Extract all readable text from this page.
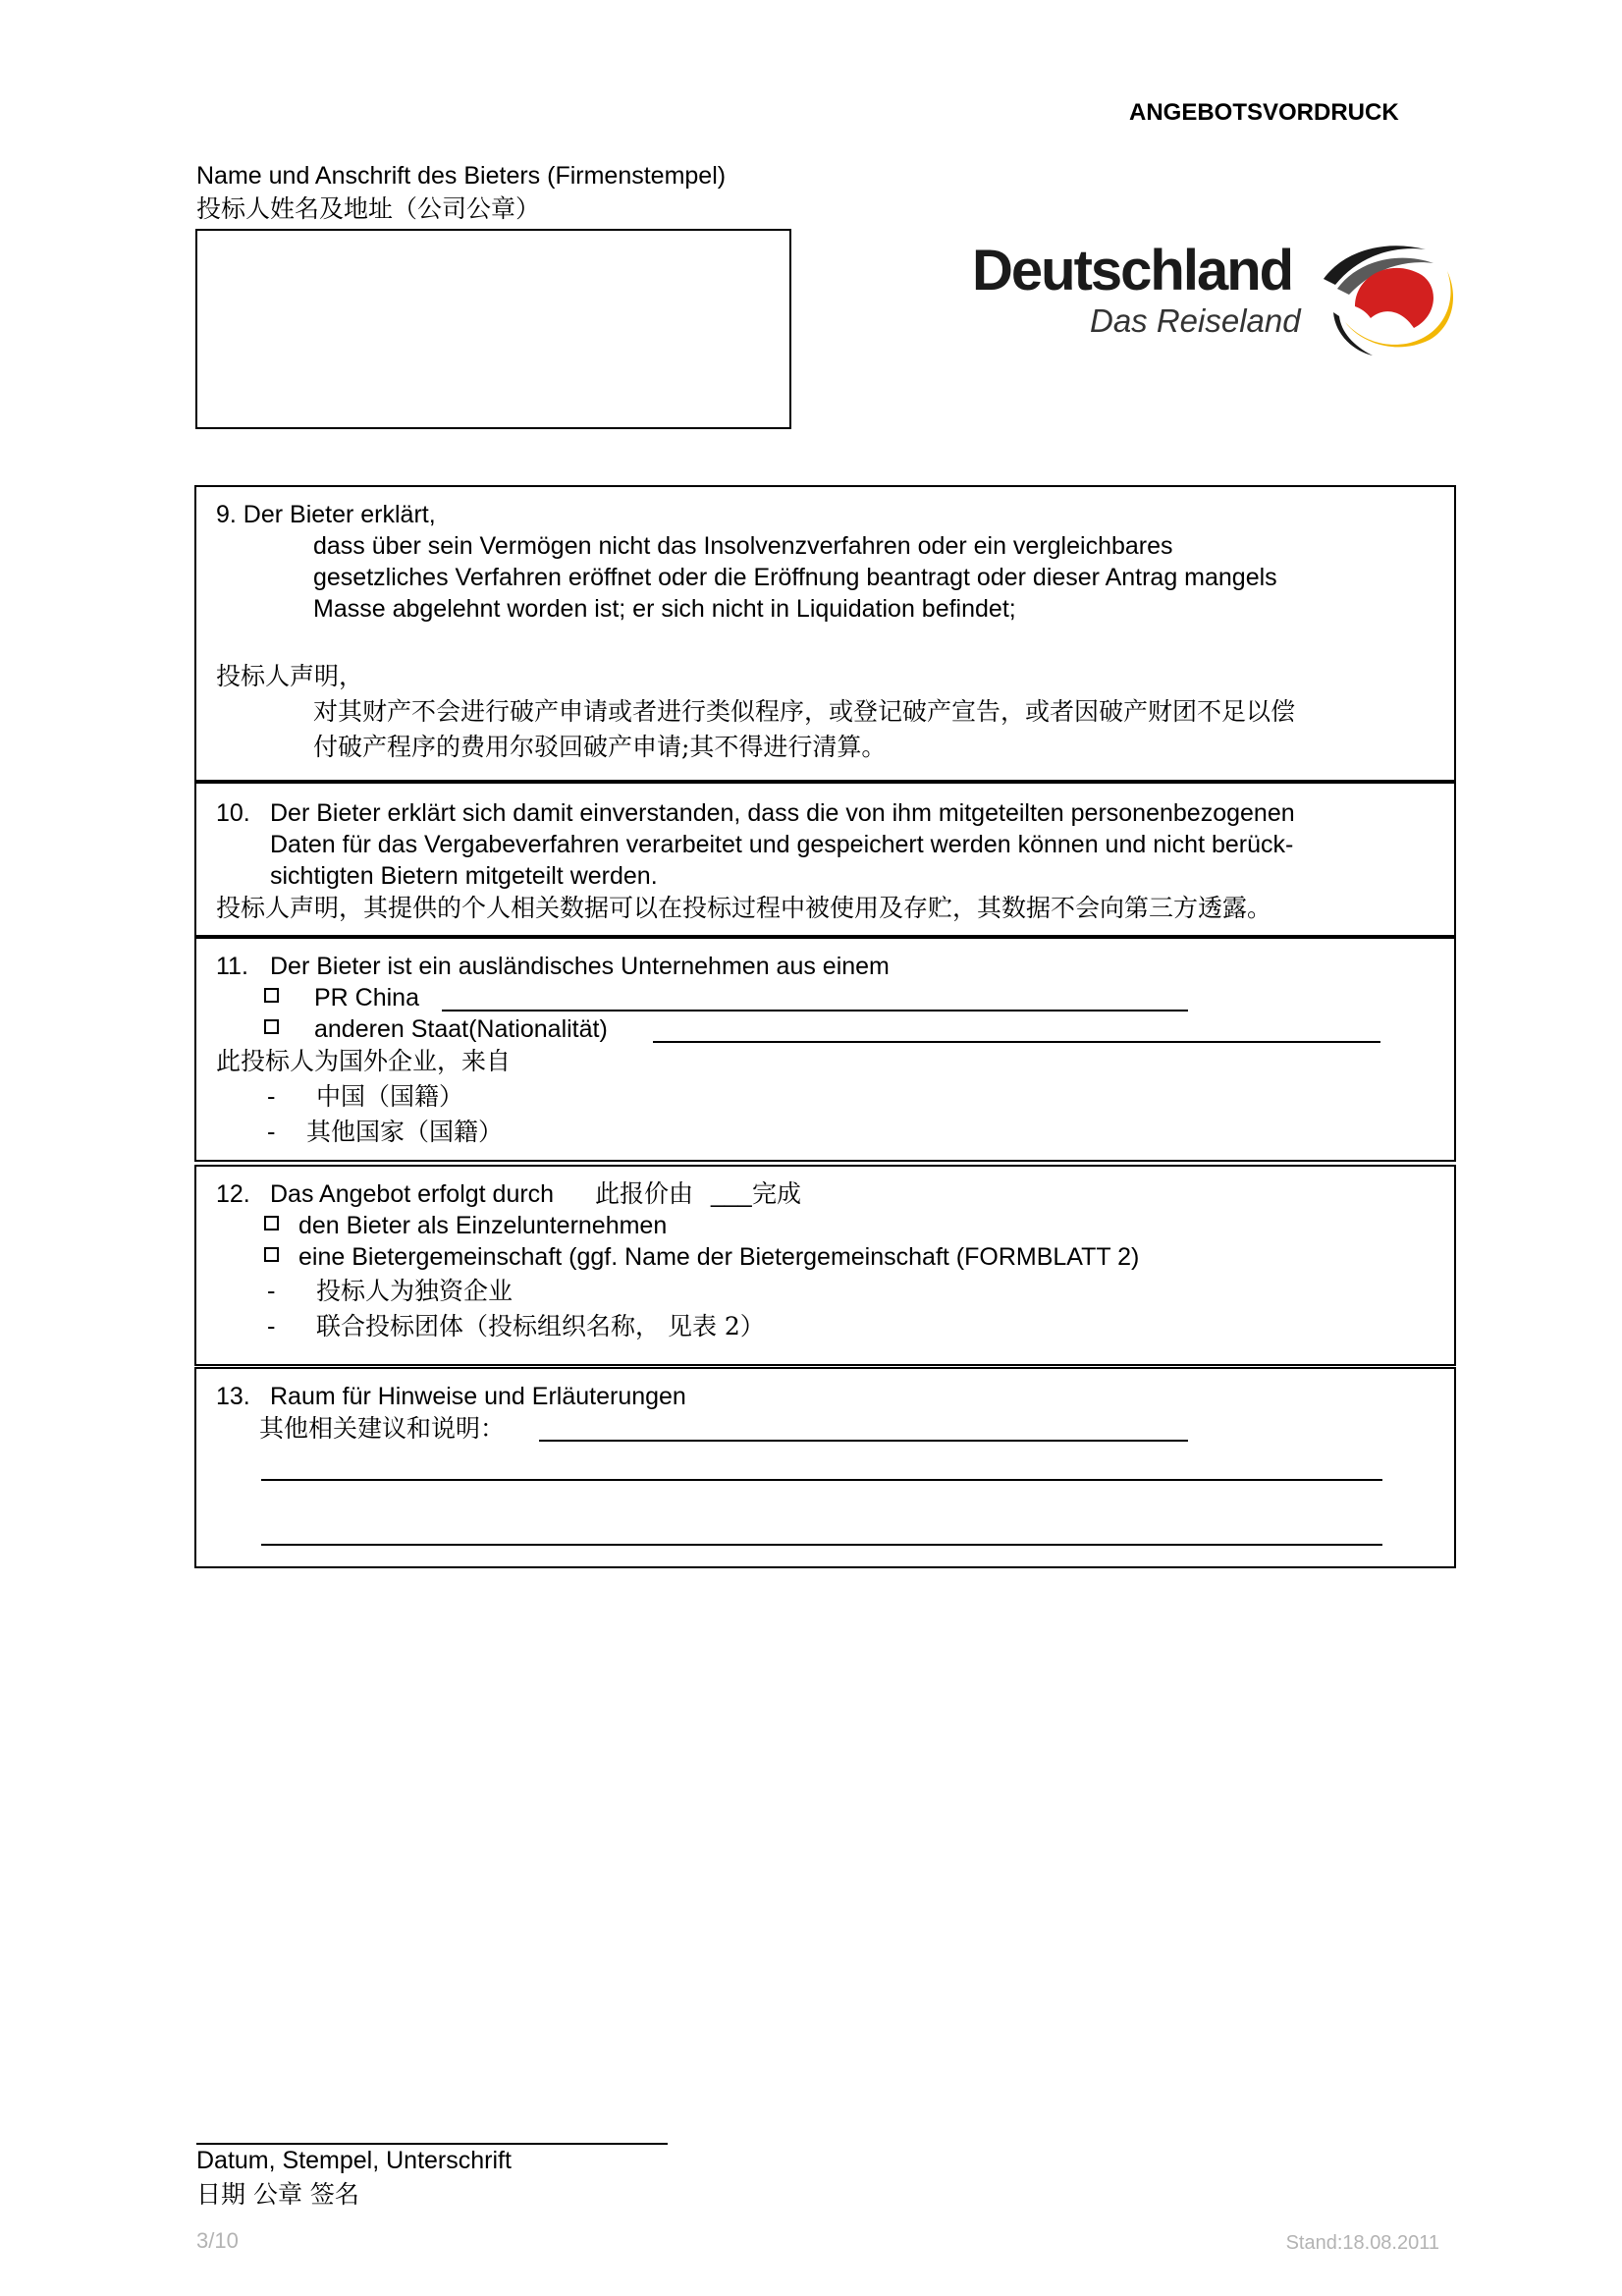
ANGEBOTSVORDRUCK
Name und Anschrift des Bieters (Firmenstempel)
投标人姓名及地址（公司公章）
Deutschland
Das Reiseland
9. Der Bieter erklärt,
dass über sein Vermögen nicht das Insolvenzverfahren oder ein vergleichbares
gesetzliches Verfahren eröffnet oder die Eröffnung beantragt oder dieser Antrag mangels
Masse abgelehnt worden ist; er sich nicht in Liquidation befindet;
投标人声明，
对其财产不会进行破产申请或者进行类似程序，或登记破产宣告，或者因破产财团不足以偿
付破产程序的费用尔驳回破产申请;其不得进行清算。
10. Der Bieter erklärt sich damit einverstanden, dass die von ihm mitgeteilten personenbezogenen
Daten für das Vergabeverfahren verarbeitet und gespeichert werden können und nicht berück-
sichtigten Bietern mitgeteilt werden.
投标人声明，其提供的个人相关数据可以在投标过程中被使用及存贮，其数据不会向第三方透露。
11. Der Bieter ist ein ausländisches Unternehmen aus einem
PR China
anderen Staat(Nationalität)
此投标人为国外企业，来自
- 中国（国籍）
- 其他国家（国籍）
12. Das Angebot erfolgt durch 此报价由 ___ 完成
den Bieter als Einzelunternehmen
eine Bietergemeinschaft (ggf. Name der Bietergemeinschaft (FORMBLATT 2)
- 投标人为独资企业
- 联合投标团体（投标组织名称， 见表 2）
13. Raum für Hinweise und Erläuterungen
其他相关建议和说明：
Datum, Stempel, Unterschrift
日期 公章 签名
3/10	Stand:18.08.2011
